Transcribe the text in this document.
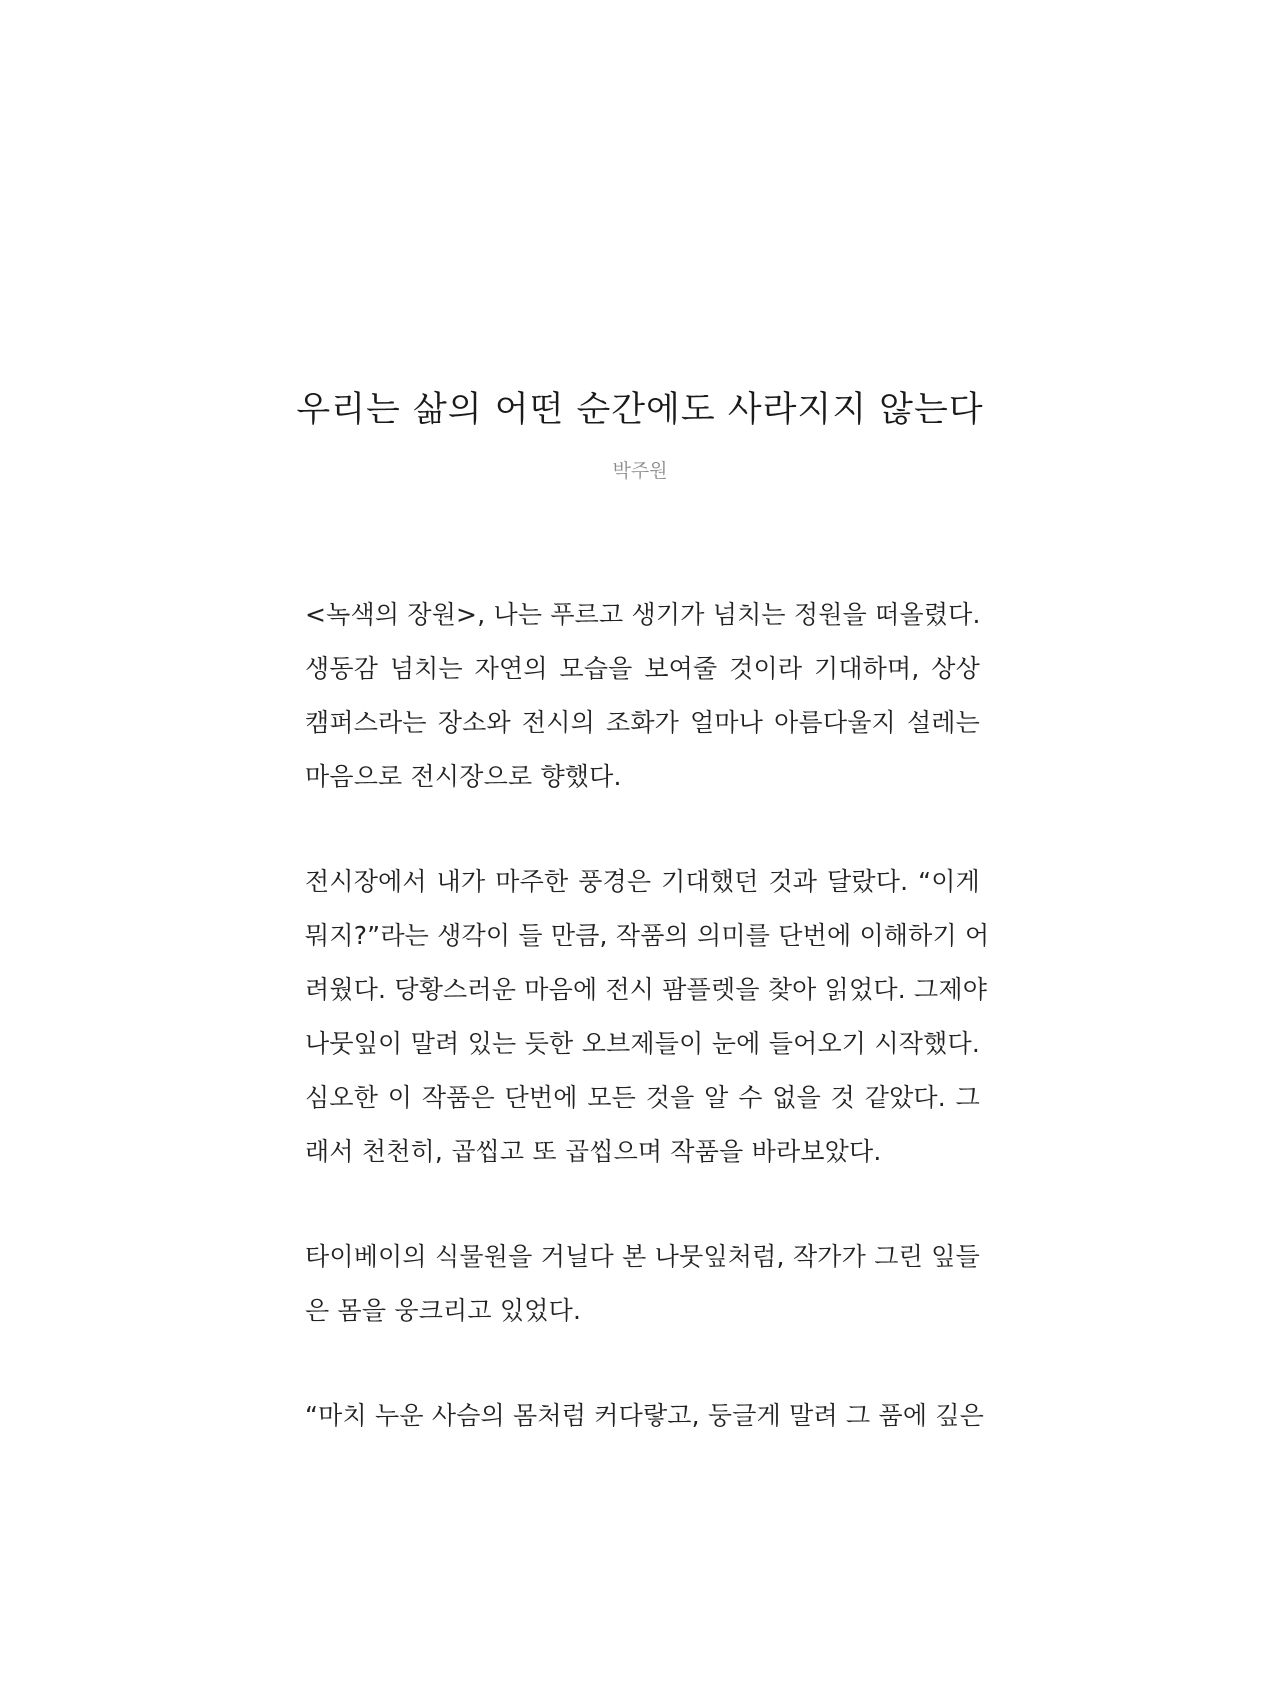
우리는 삶의 어떤 순간에도 사라지지 않는다
박주원
<녹색의 장원>, 나는 푸르고 생기가 넘치는 정원을 떠올렸다.
생동감 넘치는 자연의 모습을 보여줄 것이라 기대하며, 상상
캠퍼스라는 장소와 전시의 조화가 얼마나 아름다울지 설레는
마음으로 전시장으로 향했다.
전시장에서 내가 마주한 풍경은 기대했던 것과 달랐다. “이게
뭐지?”라는 생각이 들 만큼, 작품의 의미를 단번에 이해하기 어
려웠다. 당황스러운 마음에 전시 팜플렛을 찾아 읽었다. 그제야
나뭇잎이 말려 있는 듯한 오브제들이 눈에 들어오기 시작했다.
심오한 이 작품은 단번에 모든 것을 알 수 없을 것 같았다. 그
래서 천천히, 곱씹고 또 곱씹으며 작품을 바라보았다.
타이베이의 식물원을 거닐다 본 나뭇잎처럼, 작가가 그린 잎들
은 몸을 웅크리고 있었다.
“마치 누운 사슴의 몸처럼 커다랗고, 둥글게 말려 그 품에 깊은
